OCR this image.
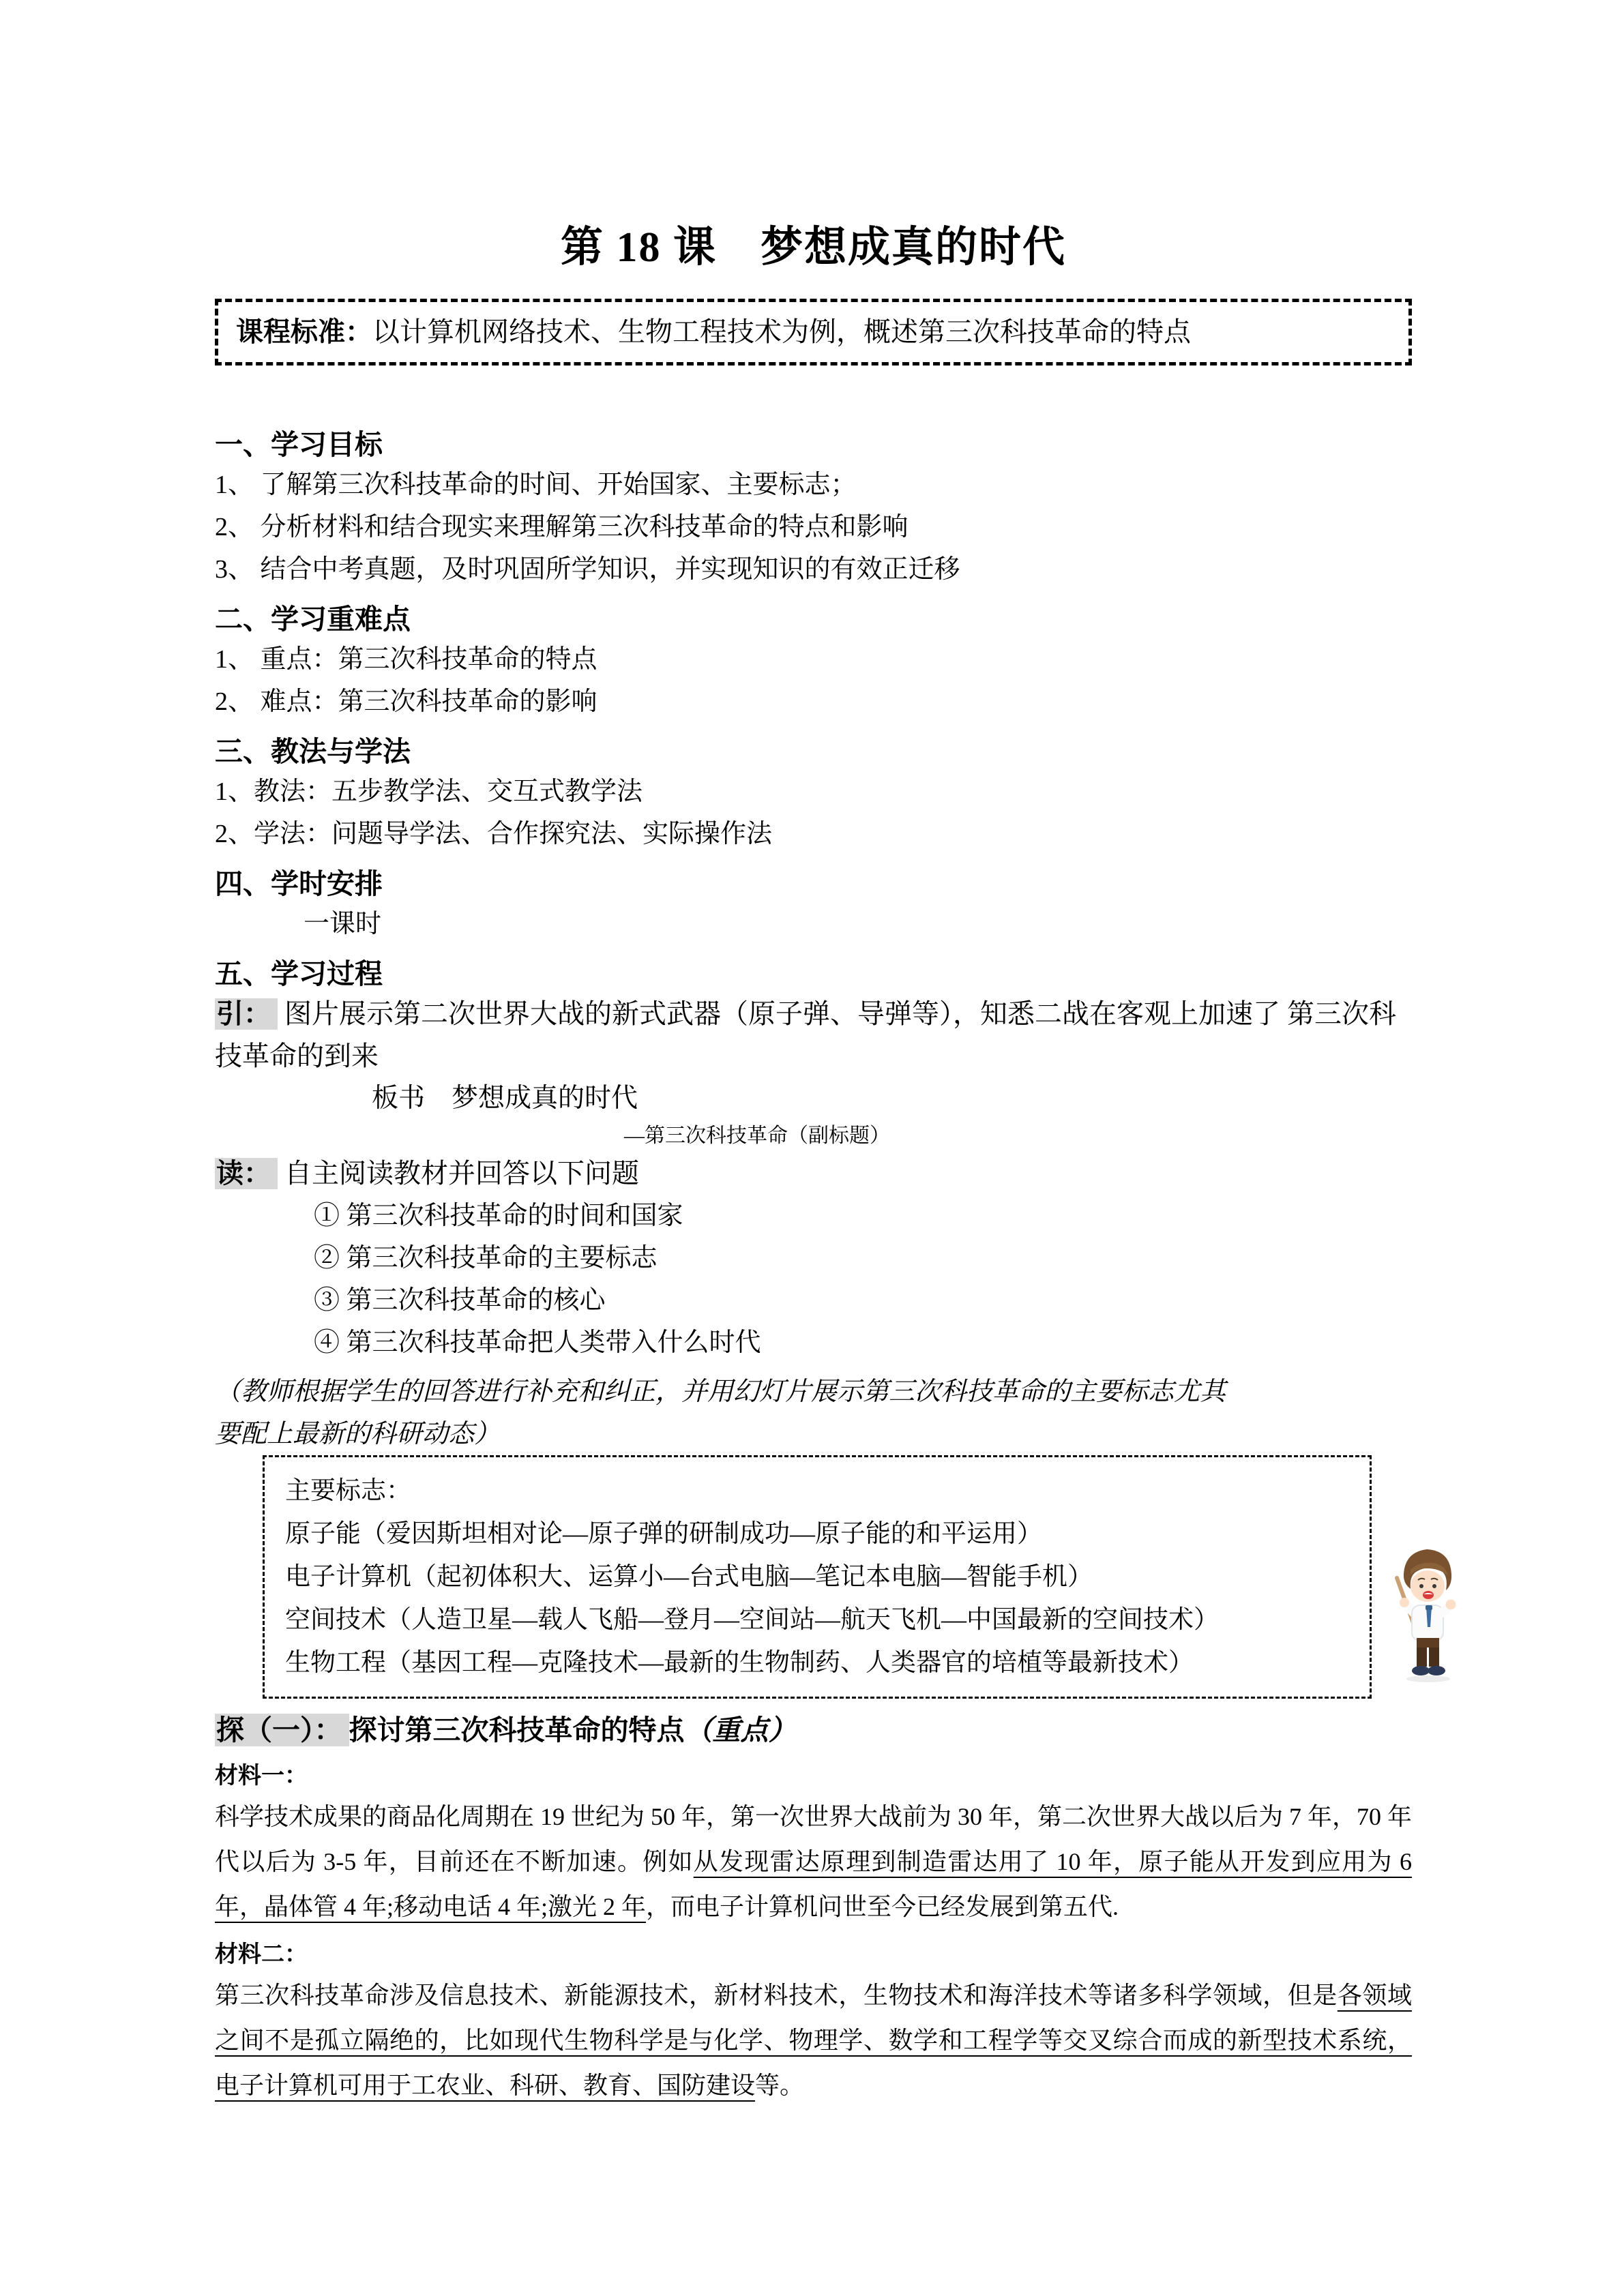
第 18 课　梦想成真的时代
课程标准：以计算机网络技术、生物工程技术为例，概述第三次科技革命的特点
一、学习目标
1、 了解第三次科技革命的时间、开始国家、主要标志；
2、 分析材料和结合现实来理解第三次科技革命的特点和影响
3、 结合中考真题，及时巩固所学知识，并实现知识的有效正迁移
二、学习重难点
1、 重点：第三次科技革命的特点
2、 难点：第三次科技革命的影响
三、教法与学法
1、教法：五步教学法、交互式教学法
2、学法：问题导学法、合作探究法、实际操作法
四、学时安排
一课时
五、学习过程
引： 图片展示第二次世界大战的新式武器（原子弹、导弹等），知悉二战在客观上加速了 第三次科技革命的到来
板书　梦想成真的时代
—第三次科技革命（副标题）
读： 自主阅读教材并回答以下问题
① 第三次科技革命的时间和国家
② 第三次科技革命的主要标志
③ 第三次科技革命的核心
④ 第三次科技革命把人类带入什么时代
（教师根据学生的回答进行补充和纠正，并用幻灯片展示第三次科技革命的主要标志尤其
要配上最新的科研动态）
主要标志：
原子能（爱因斯坦相对论—原子弹的研制成功—原子能的和平运用）
电子计算机（起初体积大、运算小—台式电脑—笔记本电脑—智能手机）
空间技术（人造卫星—载人飞船—登月—空间站—航天飞机—中国最新的空间技术）
生物工程（基因工程—克隆技术—最新的生物制药、人类器官的培植等最新技术）
探（一）： 探讨第三次科技革命的特点（重点）
材料一：
科学技术成果的商品化周期在 19 世纪为 50 年，第一次世界大战前为 30 年，第二次世界大战以后为 7 年，70 年代以后为 3-5 年，目前还在不断加速。例如从发现雷达原理到制造雷达用了 10 年，原子能从开发到应用为 6 年，晶体管 4 年;移动电话 4 年;激光 2 年，而电子计算机问世至今已经发展到第五代.
材料二：
第三次科技革命涉及信息技术、新能源技术，新材料技术，生物技术和海洋技术等诸多科学领域，但是各领域之间不是孤立隔绝的，比如现代生物科学是与化学、物理学、数学和工程学等交叉综合而成的新型技术系统，电子计算机可用于工农业、科研、教育、国防建设等。
